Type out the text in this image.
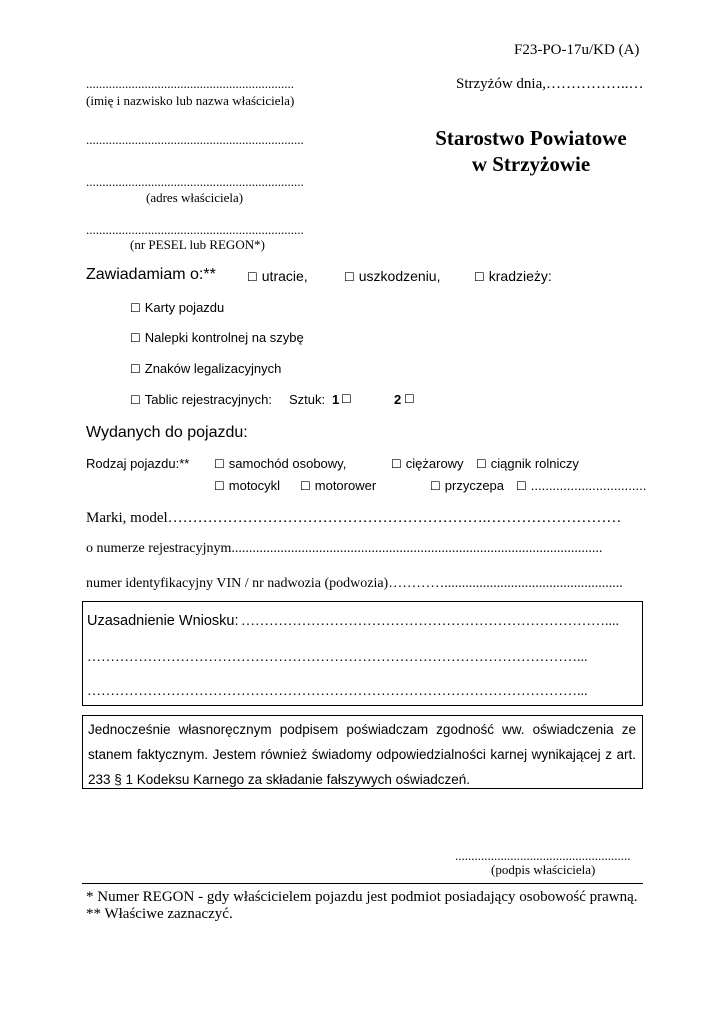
F23-PO-17u/KD (A)
................................................................
(imię i nazwisko lub nazwa właściciela)
...................................................................
...................................................................
(adres właściciela)
...................................................................
(nr PESEL lub REGON*)
Strzyżów dnia,……………..…
Starostwo Powiatowe
w Strzyżowie
Zawiadamiam o:**	☐ utracie,	☐ uszkodzeniu,	☐ kradzieży:
☐ Karty pojazdu
☐ Nalepki kontrolnej na szybę
☐ Znaków legalizacyjnych
☐ Tablic rejestracyjnych: Sztuk: 1 ☐	2 ☐
Wydanych do pojazdu:
Rodzaj pojazdu:**	☐ samochód osobowy,	☐ ciężarowy	☐ ciągnik rolniczy
☐ motocykl	☐ motorower	☐ przyczepa	☐ ................................
Marki, model……………………………………………………….………………………
o numerze rejestracyjnym..........................................................................................................
numer identyfikacyjny VIN / nr nadwozia (podwozia)…………...................................................
Uzasadnienie Wniosku: ……………………………………………………………………....
……………………………………………………………………………………………...
……………………………………………………………………………………………...
Jednocześnie własnoręcznym podpisem poświadczam zgodność ww. oświadczenia ze stanem faktycznym. Jestem również świadomy odpowiedzialności karnej wynikającej z art. 233 § 1 Kodeksu Karnego za składanie fałszywych oświadczeń.
......................................................
(podpis właściciela)
* Numer REGON - gdy właścicielem pojazdu jest podmiot posiadający osobowość prawną.
** Właściwe zaznaczyć.
